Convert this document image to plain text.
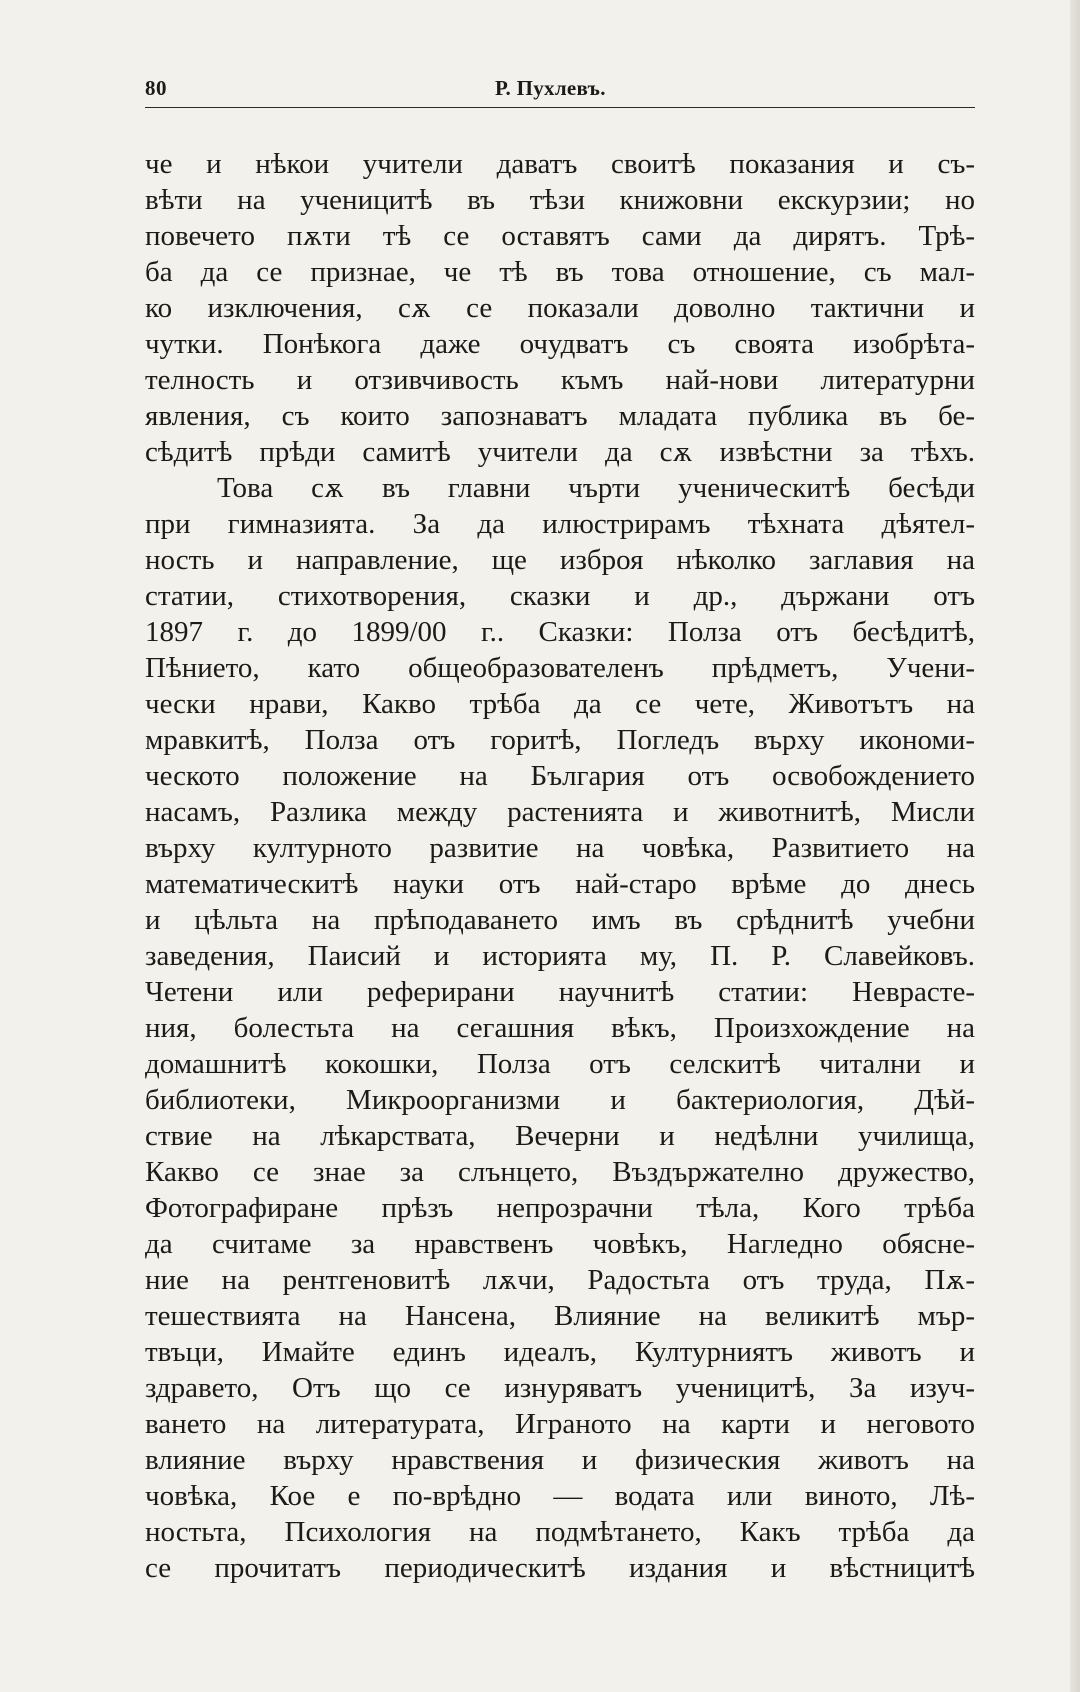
80	Р. Пухлевъ.
че и нѣкои учители даватъ своитѣ показания и съ-
вѣти на ученицитѣ въ тѣзи книжовни екскурзии; но
повечето пѫти тѣ се оставятъ сами да дирятъ. Трѣ-
ба да се признае, че тѣ въ това отношение, съ мал-
ко изключения, сѫ се показали доволно тактични и
чутки. Понѣкога даже очудватъ съ своята изобрѣта-
телность и отзивчивость къмъ най-нови литературни
явления, съ които запознаватъ младата публика въ бе-
сѣдитѣ прѣди самитѣ учители да сѫ извѣстни за тѣхъ.
Това сѫ въ главни чърти ученическитѣ бесѣди
при гимназията. За да илюстрирамъ тѣхната дѣятел-
ность и направление, ще изброя нѣколко заглавия на
статии, стихотворения, сказки и др., държани отъ
1897 г. до 1899/00 г.. Сказки: Полза отъ бесѣдитѣ,
Пѣнието, като общеобразователенъ прѣдметъ, Учени-
чески нрави, Какво трѣба да се чете, Животътъ на
мравкитѣ, Полза отъ горитѣ, Погледъ върху икономи-
ческото положение на България отъ освобождението
насамъ, Разлика между растенията и животнитѣ, Мисли
върху културното развитие на човѣка, Развитието на
математическитѣ науки отъ най-старо врѣме до днесь
и цѣльта на прѣподаването имъ въ срѣднитѣ учебни
заведения, Паисий и историята му, П. Р. Славейковъ.
Четени или реферирани научнитѣ статии: Неврасте-
ния, болестьта на сегашния вѣкъ, Произхождение на
домашнитѣ кокошки, Полза отъ селскитѣ читални и
библиотеки, Микроорганизми и бактериология, Дѣй-
ствие на лѣкарствата, Вечерни и недѣлни училища,
Какво се знае за слънцето, Въздържателно дружество,
Фотографиране прѣзъ непрозрачни тѣла, Кого трѣба
да считаме за нравственъ човѣкъ, Нагледно обясне-
ние на рентгеновитѣ лѫчи, Радостьта отъ труда, Пѫ-
тешествията на Нансена, Влияние на великитѣ мър-
твъци, Имайте единъ идеалъ, Културниятъ животъ и
здравето, Отъ що се изнуряватъ ученицитѣ, За изуч-
ването на литературата, Играното на карти и неговото
влияние върху нравствения и физическия животъ на
човѣка, Кое е по-врѣдно — водата или виното, Лѣ-
ностьта, Психология на подмѣтането, Какъ трѣба да
се прочитатъ периодическитѣ издания и вѣстницитѣ
